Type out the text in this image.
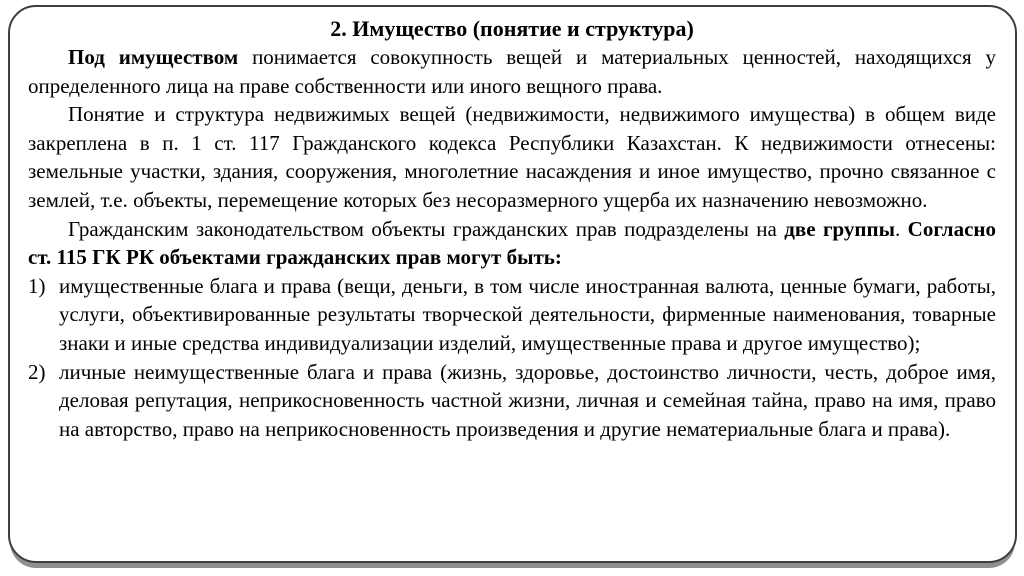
2. Имущество (понятие и структура)

Под имуществом понимается совокупность вещей и материальных ценностей, находящихся у определенного лица на праве собственности или иного вещного права.

Понятие и структура недвижимых вещей (недвижимости, недвижимого имущества) в общем виде закреплена в п. 1 ст. 117 Гражданского кодекса Республики Казахстан. К недвижимости отнесены: земельные участки, здания, сооружения, многолетние насаждения и иное имущество, прочно связанное с землей, т.е. объекты, перемещение которых без несоразмерного ущерба их назначению невозможно.

Гражданским законодательством объекты гражданских прав подразделены на две группы. Согласно ст. 115 ГК РК объектами гражданских прав могут быть:

1) имущественные блага и права (вещи, деньги, в том числе иностранная валюта, ценные бумаги, работы, услуги, объективированные результаты творческой деятельности, фирменные наименования, товарные знаки и иные средства индивидуализации изделий, имущественные права и другое имущество);
2) личные неимущественные блага и права (жизнь, здоровье, достоинство личности, честь, доброе имя, деловая репутация, неприкосновенность частной жизни, личная и семейная тайна, право на имя, право на авторство, право на неприкосновенность произведения и другие нематериальные блага и права).
